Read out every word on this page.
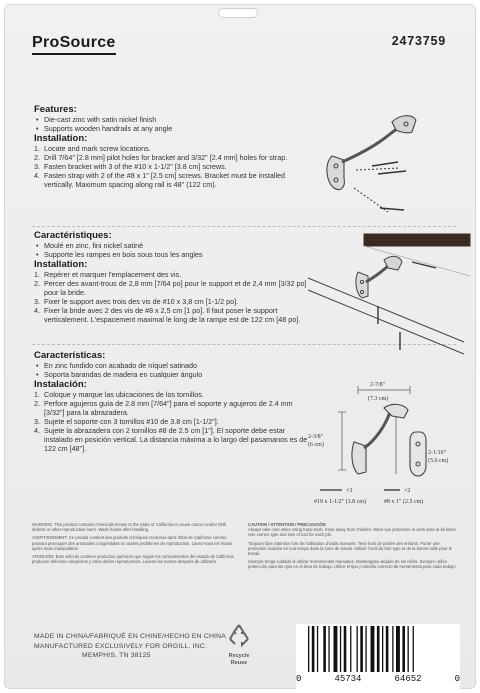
ProSource	2473759
Features:
• Die-cast zinc with satin nickel finish
• Supports wooden handrails at any angle
Installation:
1. Locate and mark screw locations.
2. Drill 7/64" [2.8 mm] pilot holes for bracket and 3/32" [2.4 mm] holes for strap.
3. Fasten bracket with 3 of the #10 x 1-1/2" [3.8 cm] screws.
4. Fasten strap with 2 of the #8 x 1" [2.5 cm] screws. Bracket must be installed vertically. Maximum spacing along rail is 48" (122 cm).
Caractéristiques:
• Moulé en zinc, fini nickel satiné
• Supporte les rampes en bois sous tous les angles
Installation:
1. Repérer et marquer l'emplacement des vis.
2. Percer des avant-trous de 2,8 mm [7/64 po] pour le support et de 2,4 mm [3/32 po] pour la bride.
3. Fixer le support avec trois des vis de #10 x 3,8 cm [1-1/2 po].
4. Fixer la bride avec 2 des vis de #8 x 2,5 cm [1 po]. Il faut poser le support verticalement. L'espacement maximal le long de la rampe est de 122 cm [48 po].
Características:
• En zinc fundido con acabado de níquel satinado
• Soporta barandas de madera en cualquier ángulo
Instalación:
1. Coloque y marque las ubicaciones de los tornillos.
2. Perfore agujeros guía de 2.8 mm [7/64"] para el soporte y agujeros de 2.4 mm [3/32"] para la abrazadera.
3. Sujete el soporte con 3 tornillos #10 de 3.8 cm [1-1/2"].
4. Sujete la abrazadera con 2 tornillos #8 de 2.5 cm [1"]. El soporte debe estar instalado en posición vertical. La distancia máxima a lo largo del pasamanos es de 122 cm [48"].
2-7/8"
(7.3 cm)
2-3/8"
(6 cm)
2-1/16"
(5.6 cm)
×3	×2
#10 x 1-1/2" (3.8 cm)	#8 x 1" (2.5 cm)
WARNING: This product contains chemicals known to the State of California to cause cancer and/or birth defects or other reproductive harm. Wash hands after handling.
AVERTISSEMENT: Ce produit contient des produits chimiques reconnus dans l'État de Californie comme pouvant provoquer des anomalies congénitales ou autres problèmes de reproduction. Lavez-vous les mains après toute manipulation.
ATENCIÓN: Este artículo contiene productos químicos que según los conocimientos del estado de California producen defectos congénitos y otros daños reproductivos. Lávese las manos después de utilizarlo.
CAUTION / ATTENTION / PRECAUCIÓN
Always take care when using hand tools. Keep away from children. Wear eye protection in work area at all times. Use correct type and size of tool for each job.
Toujours faire attention lors de l'utilisation d'outils manuels. Tenir hors de portée des enfants. Porter une protection oculaire en tout temps dans la zone de travail. Utiliser l'outil du bon type et de la bonne taille pour le travail.
Siempre tenga cuidado al utilizar herramientas manuales. Manténgase alejado de los niños. Siempre utilice protección para los ojos en el área de trabajo. Utilice el tipo y tamaño correcto de herramienta para cada trabajo.
MADE IN CHINA/FABRIQUÉ EN CHINE/HECHO EN CHINA
MANUFACTURED EXCLUSIVELY FOR ORGILL, INC.
MEMPHIS, TN 38125	Recycle
Reuse
0	45734	64652	0
